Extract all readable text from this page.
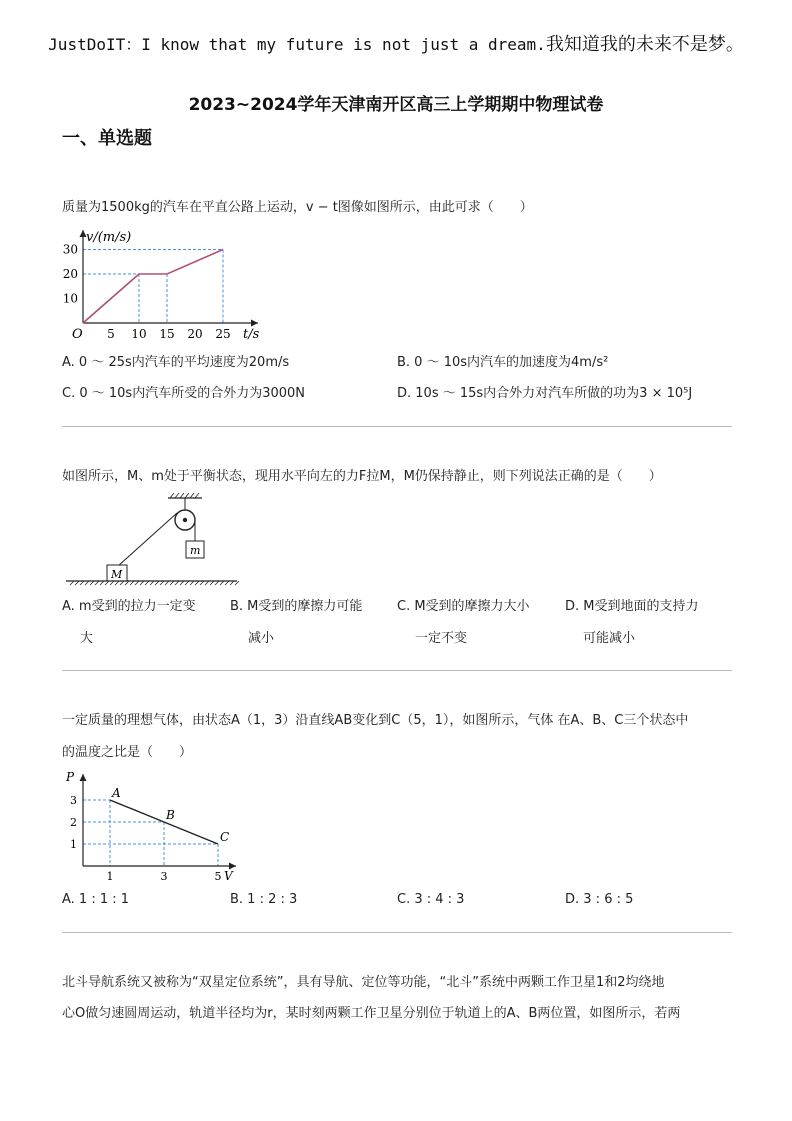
JustDoIT：I know that my future is not just a dream.我知道我的未来不是梦。
2023~2024学年天津南开区高三上学期期中物理试卷
一、单选题
质量为1500kg的汽车在平直公路上运动，v − t图像如图所示，由此可求（　　）
5 10 15 20 25
10
20
30
O
v/(m/s)
t/s
A. 0 ～ 25s内汽车的平均速度为20m/s	B. 0 ～ 10s内汽车的加速度为4m/s²
C. 0 ～ 10s内汽车所受的合外力为3000N	D. 10s ～ 15s内合外力对汽车所做的功为3 × 10⁵J
如图所示，M、m处于平衡状态，现用水平向左的力F拉M，M仍保持静止，则下列说法正确的是（　　）
m
M
A. m受到的拉力一定变
大
B. M受到的摩擦力可能
减小
C. M受到的摩擦力大小
一定不变
D. M受到地面的支持力
可能减小
一定质量的理想气体，由状态A（1，3）沿直线AB变化到C（5，1），如图所示，气体 在A、B、C三个状态中
的温度之比是（　　）
A
B
C
1	3	5
1
2
3
P
V
A. 1 : 1 : 1	B. 1 : 2 : 3	C. 3 : 4 : 3	D. 3 : 6 : 5
北斗导航系统又被称为“双星定位系统”，具有导航、定位等功能，“北斗”系统中两颗工作卫星1和2均绕地
心O做匀速圆周运动，轨道半径均为r，某时刻两颗工作卫星分别位于轨道上的A、B两位置，如图所示，若两
